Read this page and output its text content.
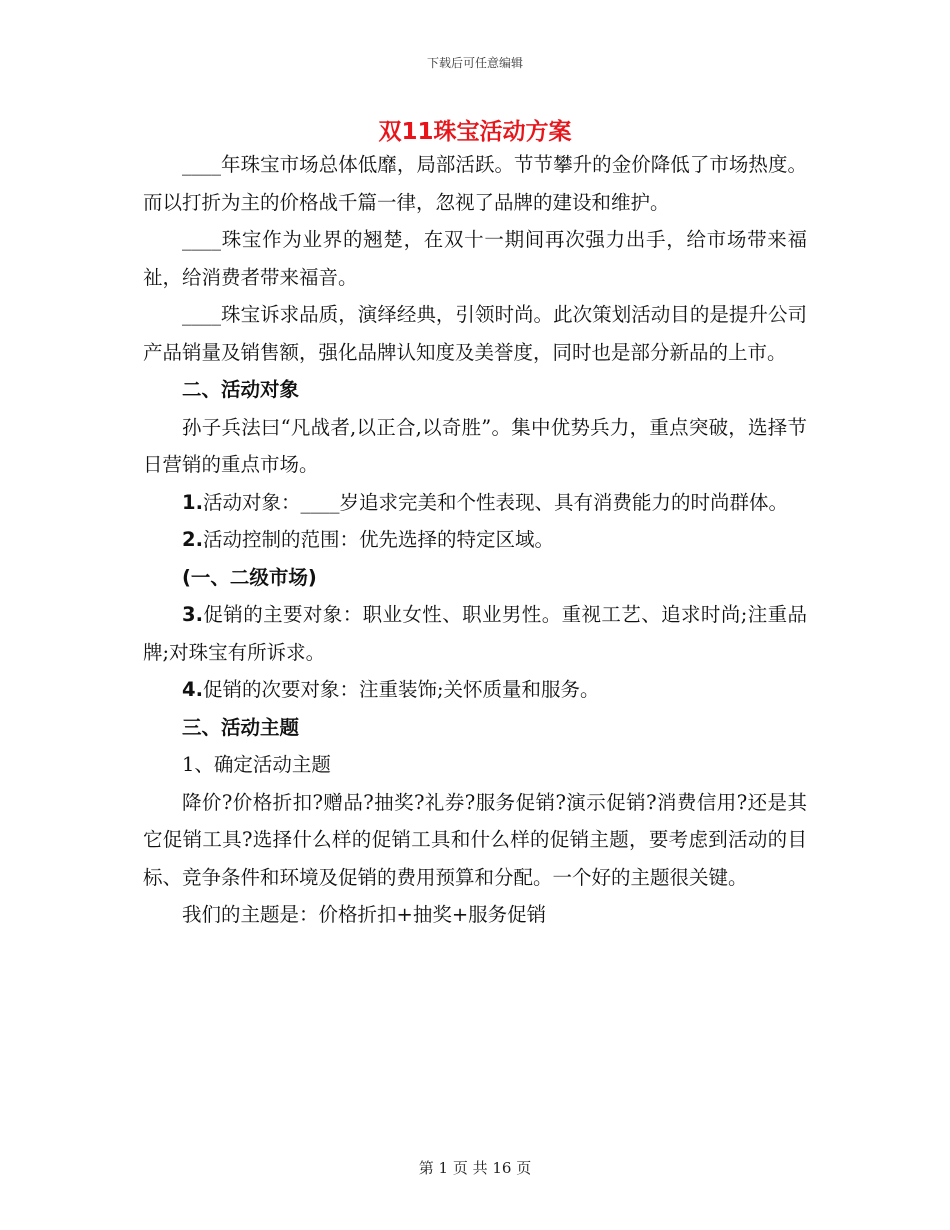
下载后可任意编辑
双11珠宝活动方案

____年珠宝市场总体低靡，局部活跃。节节攀升的金价降低了市场热度。而以打折为主的价格战千篇一律，忽视了品牌的建设和维护。

____珠宝作为业界的翘楚，在双十一期间再次强力出手，给市场带来福祉，给消费者带来福音。

____珠宝诉求品质，演绎经典，引领时尚。此次策划活动目的是提升公司产品销量及销售额，强化品牌认知度及美誉度，同时也是部分新品的上市。

二、活动对象

孙子兵法曰“凡战者,以正合,以奇胜”。集中优势兵力，重点突破，选择节日营销的重点市场。

1.活动对象：____岁追求完美和个性表现、具有消费能力的时尚群体。

2.活动控制的范围：优先选择的特定区域。

(一、二级市场)

3.促销的主要对象：职业女性、职业男性。重视工艺、追求时尚;注重品牌;对珠宝有所诉求。

4.促销的次要对象：注重装饰;关怀质量和服务。

三、活动主题

1、确定活动主题

降价?价格折扣?赠品?抽奖?礼券?服务促销?演示促销?消费信用?还是其它促销工具?选择什么样的促销工具和什么样的促销主题，要考虑到活动的目标、竞争条件和环境及促销的费用预算和分配。一个好的主题很关键。

我们的主题是：价格折扣+抽奖+服务促销

第 1 页 共 16 页
